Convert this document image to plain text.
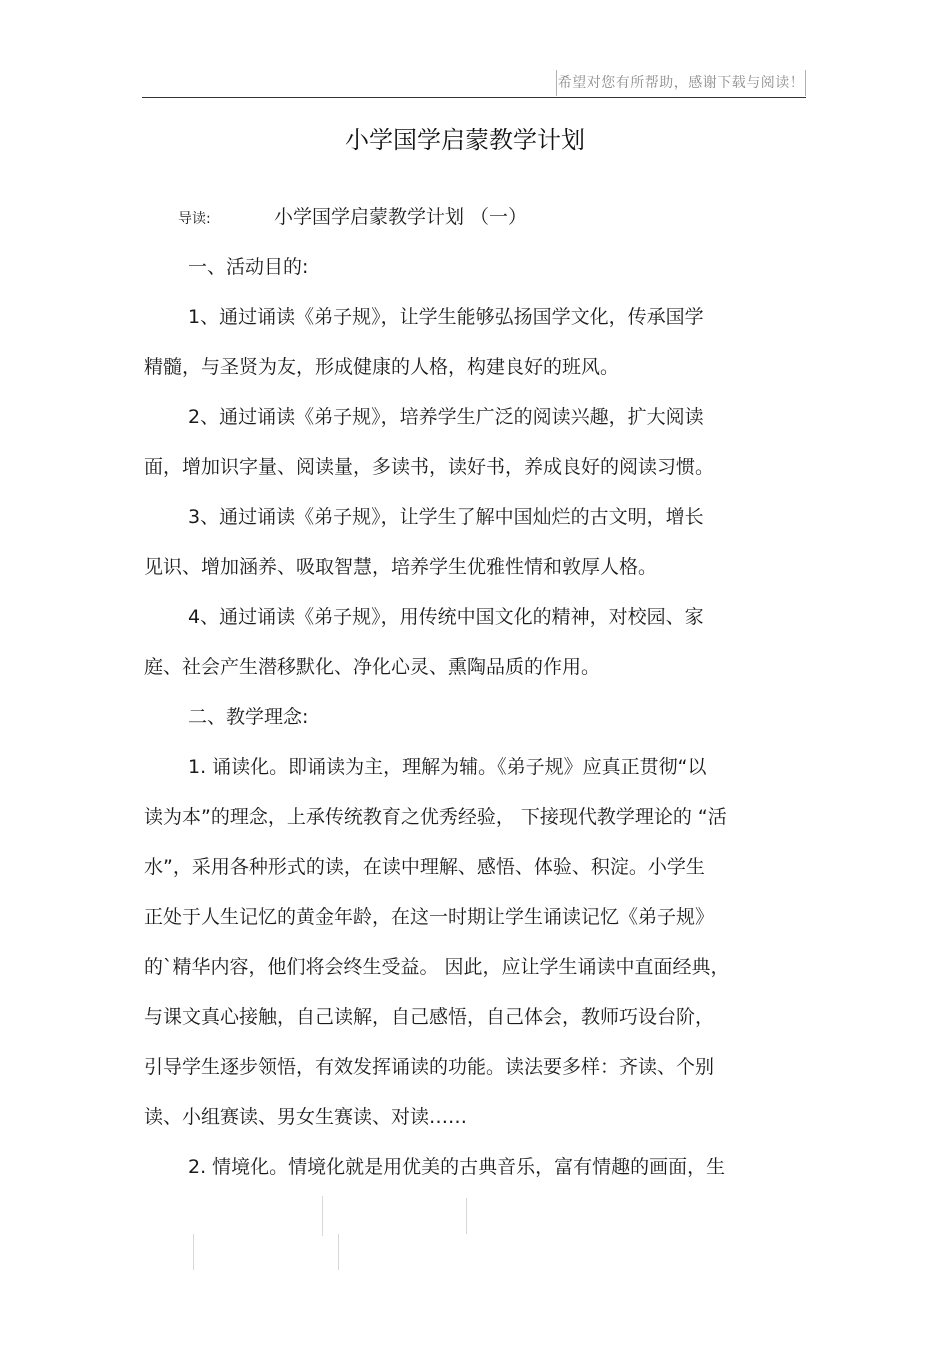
希望对您有所帮助，感谢下载与阅读！
小学国学启蒙教学计划
导读:	小学国学启蒙教学计划 （一）
一、活动目的:
1、通过诵读《弟子规》，让学生能够弘扬国学文化，传承国学
精髓，与圣贤为友，形成健康的人格，构建良好的班风。
2、通过诵读《弟子规》，培养学生广泛的阅读兴趣，扩大阅读
面，增加识字量、阅读量，多读书，读好书，养成良好的阅读习惯。
3、通过诵读《弟子规》，让学生了解中国灿烂的古文明，增长
见识、增加涵养、吸取智慧，培养学生优雅性情和敦厚人格。
4、通过诵读《弟子规》，用传统中国文化的精神，对校园、家
庭、社会产生潜移默化、净化心灵、熏陶品质的作用。
二、教学理念:
1. 诵读化。即诵读为主，理解为辅。《弟子规》应真正贯彻“以
读为本”的理念，上承传统教育之优秀经验， 下接现代教学理论的 “活
水”，采用各种形式的读，在读中理解、感悟、体验、积淀。小学生
正处于人生记忆的黄金年龄，在这一时期让学生诵读记忆《弟子规》
的`精华内容，他们将会终生受益。 因此，应让学生诵读中直面经典，
与课文真心接触，自己读解，自己感悟，自己体会，教师巧设台阶，
引导学生逐步领悟，有效发挥诵读的功能。读法要多样：齐读、个别
读、小组赛读、男女生赛读、对读……
2. 情境化。情境化就是用优美的古典音乐，富有情趣的画面，生
